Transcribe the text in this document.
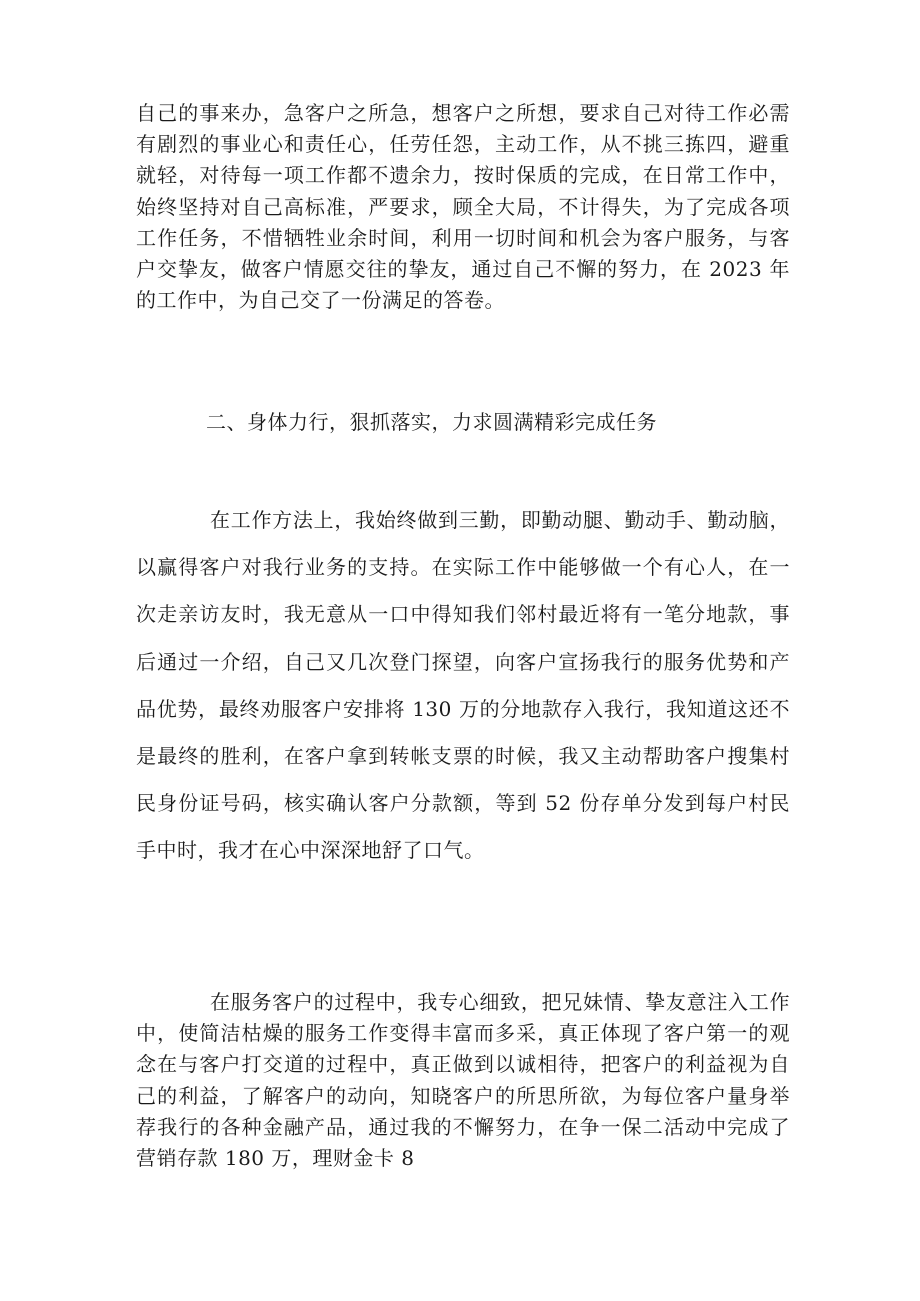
自己的事来办，急客户之所急，想客户之所想，要求自己对待工作必需有剧烈的事业心和责任心，任劳任怨，主动工作，从不挑三拣四，避重就轻，对待每一项工作都不遗余力，按时保质的完成，在日常工作中，始终坚持对自己高标准，严要求，顾全大局，不计得失，为了完成各项工作任务，不惜牺牲业余时间，利用一切时间和机会为客户服务，与客户交挚友，做客户情愿交往的挚友，通过自己不懈的努力，在 2023 年的工作中，为自己交了一份满足的答卷。

二、身体力行，狠抓落实，力求圆满精彩完成任务

在工作方法上，我始终做到三勤，即勤动腿、勤动手、勤动脑，以赢得客户对我行业务的支持。在实际工作中能够做一个有心人，在一次走亲访友时，我无意从一口中得知我们邻村最近将有一笔分地款，事后通过一介绍，自己又几次登门探望，向客户宣扬我行的服务优势和产品优势，最终劝服客户安排将 130 万的分地款存入我行，我知道这还不是最终的胜利，在客户拿到转帐支票的时候，我又主动帮助客户搜集村民身份证号码，核实确认客户分款额，等到 52 份存单分发到每户村民手中时，我才在心中深深地舒了口气。

在服务客户的过程中，我专心细致，把兄妹情、挚友意注入工作中，使简洁枯燥的服务工作变得丰富而多采，真正体现了客户第一的观念在与客户打交道的过程中，真正做到以诚相待，把客户的利益视为自己的利益，了解客户的动向，知晓客户的所思所欲，为每位客户量身举荐我行的各种金融产品，通过我的不懈努力，在争一保二活动中完成了营销存款 180 万，理财金卡 8
